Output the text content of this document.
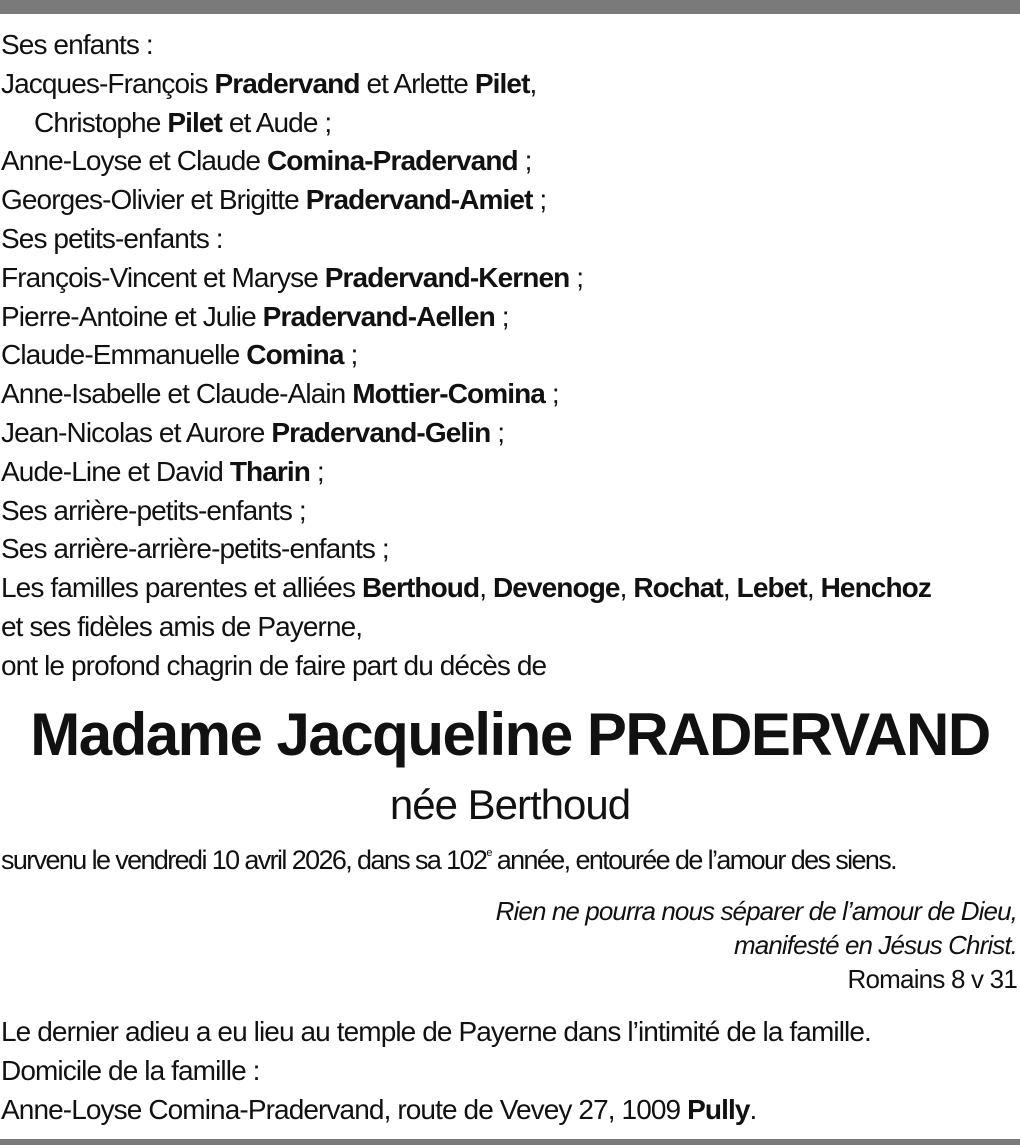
Ses enfants :
Jacques-François Pradervand et Arlette Pilet,
Christophe Pilet et Aude ;
Anne-Loyse et Claude Comina-Pradervand ;
Georges-Olivier et Brigitte Pradervand-Amiet ;
Ses petits-enfants :
François-Vincent et Maryse Pradervand-Kernen ;
Pierre-Antoine et Julie Pradervand-Aellen ;
Claude-Emmanuelle Comina ;
Anne-Isabelle et Claude-Alain Mottier-Comina ;
Jean-Nicolas et Aurore Pradervand-Gelin ;
Aude-Line et David Tharin ;
Ses arrière-petits-enfants ;
Ses arrière-arrière-petits-enfants ;
Les familles parentes et alliées Berthoud, Devenoge, Rochat, Lebet, Henchoz
et ses fidèles amis de Payerne,
ont le profond chagrin de faire part du décès de
Madame Jacqueline PRADERVAND
née Berthoud
survenu le vendredi 10 avril 2026, dans sa 102e année, entourée de l’amour des siens.
Rien ne pourra nous séparer de l’amour de Dieu,
manifesté en Jésus Christ.
Romains 8 v 31
Le dernier adieu a eu lieu au temple de Payerne dans l’intimité de la famille.
Domicile de la famille :
Anne-Loyse Comina-Pradervand, route de Vevey 27, 1009 Pully.
